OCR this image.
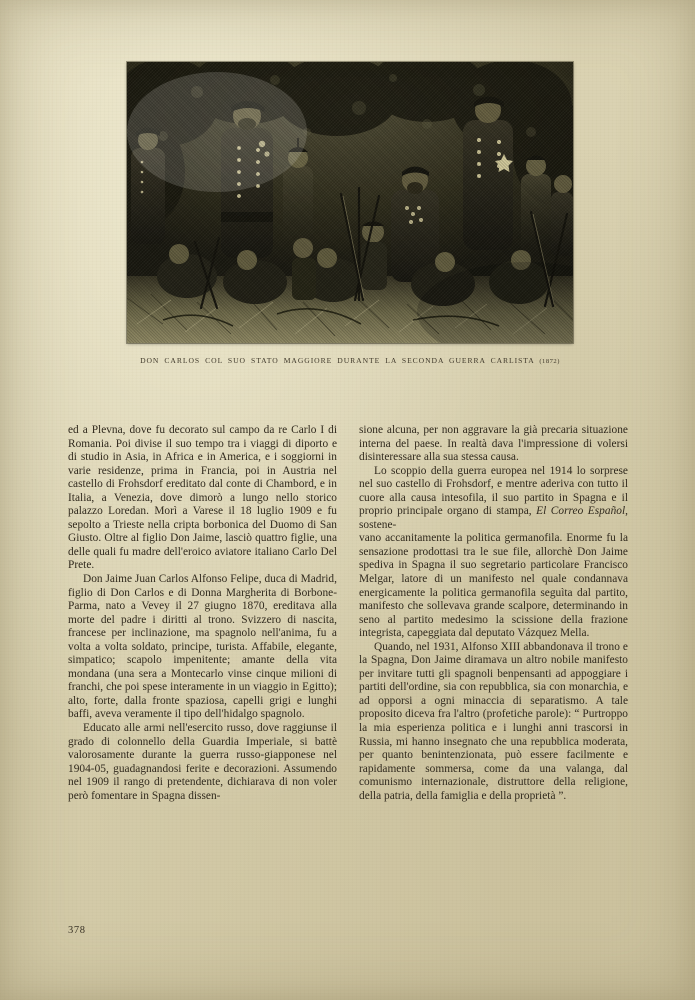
DON CARLOS COL SUO STATO MAGGIORE DURANTE LA SECONDA GUERRA CARLISTA (1872)

ed a Plevna, dove fu decorato sul campo da re Carlo I di Romania. Poi divise il suo tempo tra i viaggi di diporto e di studio in Asia, in Africa e in America, e i soggiorni in varie residenze, prima in Francia, poi in Austria nel castello di Frohsdorf ereditato dal conte di Chambord, e in Italia, a Venezia, dove dimorò a lungo nello storico palazzo Loredan. Morì a Varese il 18 luglio 1909 e fu sepolto a Trieste nella cripta borbonica del Duomo di San Giusto. Oltre al figlio Don Jaime, lasciò quattro figlie, una delle quali fu madre dell'eroico aviatore italiano Carlo Del Prete.

Don Jaime Juan Carlos Alfonso Felipe, duca di Madrid, figlio di Don Carlos e di Donna Margherita di Borbone-Parma, nato a Vevey il 27 giugno 1870, ereditava alla morte del padre i diritti al trono. Svizzero di nascita, francese per inclinazione, ma spagnolo nell'anima, fu a volta a volta soldato, principe, turista. Affabile, elegante, simpatico; scapolo impenitente; amante della vita mondana (una sera a Montecarlo vinse cinque milioni di franchi, che poi spese interamente in un viaggio in Egitto); alto, forte, dalla fronte spaziosa, capelli grigi e lunghi baffi, aveva veramente il tipo dell'hidalgo spagnolo.

Educato alle armi nell'esercito russo, dove raggiunse il grado di colonnello della Guardia Imperiale, si battè valorosamente durante la guerra russo-giapponese nel 1904-05, guadagnandosi ferite e decorazioni. Assumendo nel 1909 il rango di pretendente, dichiarava di non voler però fomentare in Spagna dissen-

sione alcuna, per non aggravare la già precaria situazione interna del paese. In realtà dava l'impressione di volersi disinteressare alla sua stessa causa.

Lo scoppio della guerra europea nel 1914 lo sorprese nel suo castello di Frohsdorf, e mentre aderiva con tutto il cuore alla causa intesofila, il suo partito in Spagna e il proprio principale organo di stampa, El Correo Español, sostene-

vano accanitamente la politica germanofila. Enorme fu la sensazione prodottasi tra le sue file, allorchè Don Jaime spediva in Spagna il suo segretario particolare Francisco Melgar, latore di un manifesto nel quale condannava energicamente la politica germanofila seguìta dal partito, manifesto che sollevava grande scalpore, determinando in seno al partito medesimo la scissione della frazione integrista, capeggiata dal deputato Vázquez Mella.

Quando, nel 1931, Alfonso XIII abbandonava il trono e la Spagna, Don Jaime diramava un altro nobile manifesto per invitare tutti gli spagnoli benpensanti ad appoggiare i partiti dell'ordine, sia con repubblica, sia con monarchia, e ad opporsi a ogni minaccia di separatismo. A tale proposito diceva fra l'altro (profetiche parole): “ Purtroppo la mia esperienza politica e i lunghi anni trascorsi in Russia, mi hanno insegnato che una repubblica moderata, per quanto benintenzionata, può essere facilmente e rapidamente sommersa, come da una valanga, dal comunismo internazionale, distruttore della religione, della patria, della famiglia e della proprietà ”.

378
